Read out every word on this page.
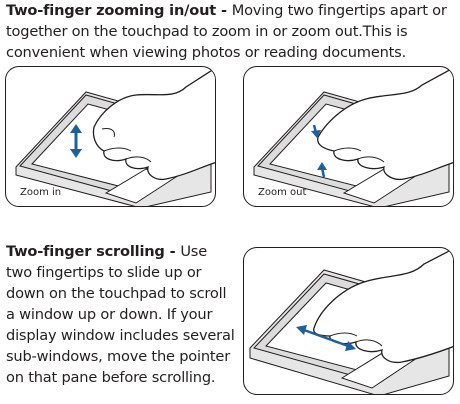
Two-finger zooming in/out - Moving two fingertips apart or together on the touchpad to zoom in or zoom out.This is convenient when viewing photos or reading documents.

Zoom in	Zoom out

Two-finger scrolling - Use two fingertips to slide up or down on the touchpad to scroll a window up or down. If your display window includes several sub-windows, move the pointer on that pane before scrolling.
